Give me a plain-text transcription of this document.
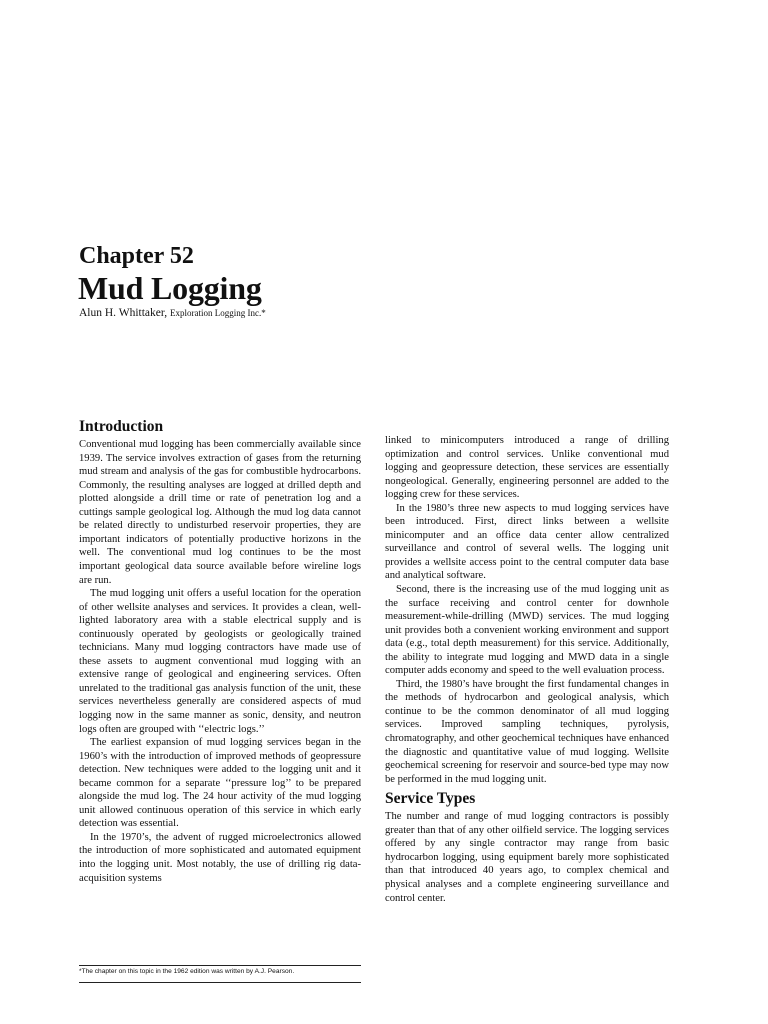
Chapter 52
Mud Logging
Alun H. Whittaker, Exploration Logging Inc.*
Introduction

Conventional mud logging has been commercially available since 1939. The service involves extraction of gases from the returning mud stream and analysis of the gas for combustible hydrocarbons. Commonly, the resulting analyses are logged at drilled depth and plotted alongside a drill time or rate of penetration log and a cuttings sample geological log. Although the mud log data cannot be related directly to undisturbed reservoir properties, they are important indicators of potentially productive horizons in the well. The conventional mud log continues to be the most important geological data source available before wireline logs are run.

The mud logging unit offers a useful location for the operation of other wellsite analyses and services. It provides a clean, well-lighted laboratory area with a stable electrical supply and is continuously operated by geologists or geologically trained technicians. Many mud logging contractors have made use of these assets to augment conventional mud logging with an extensive range of geological and engineering services. Often unrelated to the traditional gas analysis function of the unit, these services nevertheless generally are considered aspects of mud logging now in the same manner as sonic, density, and neutron logs often are grouped with ‘‘electric logs.’’

The earliest expansion of mud logging services began in the 1960’s with the introduction of improved methods of geopressure detection. New techniques were added to the logging unit and it became common for a separate ‘‘pressure log’’ to be prepared alongside the mud log. The 24 hour activity of the mud logging unit allowed continuous operation of this service in which early detection was essential.

In the 1970’s, the advent of rugged microelectronics allowed the introduction of more sophisticated and automated equipment into the logging unit. Most notably, the use of drilling rig data-acquisition systems

linked to minicomputers introduced a range of drilling optimization and control services. Unlike conventional mud logging and geopressure detection, these services are essentially nongeological. Generally, engineering personnel are added to the logging crew for these services.

In the 1980’s three new aspects to mud logging services have been introduced. First, direct links between a wellsite minicomputer and an office data center allow centralized surveillance and control of several wells. The logging unit provides a wellsite access point to the central computer data base and analytical software.

Second, there is the increasing use of the mud logging unit as the surface receiving and control center for downhole measurement-while-drilling (MWD) services. The mud logging unit provides both a convenient working environment and support data (e.g., total depth measurement) for this service. Additionally, the ability to integrate mud logging and MWD data in a single computer adds economy and speed to the well evaluation process.

Third, the 1980’s have brought the first fundamental changes in the methods of hydrocarbon and geological analysis, which continue to be the common denominator of all mud logging services. Improved sampling techniques, pyrolysis, chromatography, and other geochemical techniques have enhanced the diagnostic and quantitative value of mud logging. Wellsite geochemical screening for reservoir and source-bed type may now be performed in the mud logging unit.

Service Types

The number and range of mud logging contractors is possibly greater than that of any other oilfield service. The logging services offered by any single contractor may range from basic hydrocarbon logging, using equipment barely more sophisticated than that introduced 40 years ago, to complex chemical and physical analyses and a complete engineering surveillance and control center.

*The chapter on this topic in the 1962 edition was written by A.J. Pearson.
